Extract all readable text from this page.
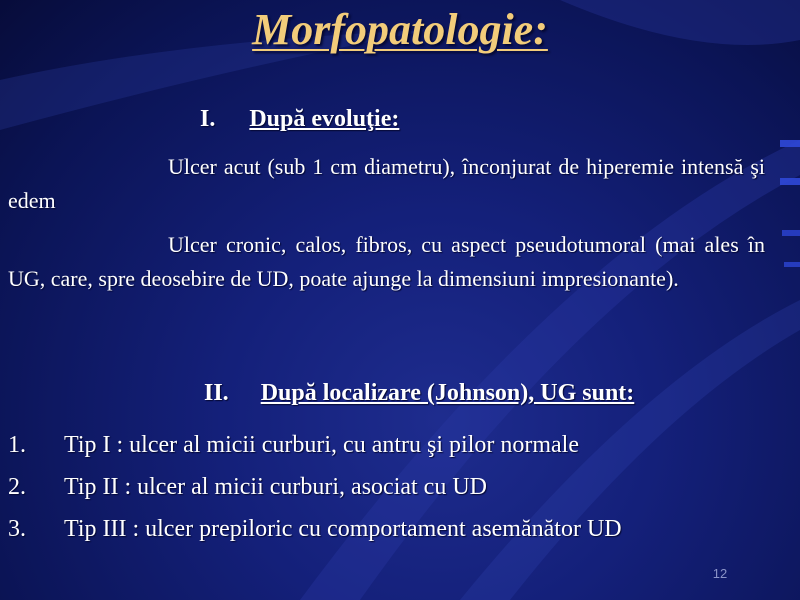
Morfopatologie:
I. După evoluţie:
Ulcer acut (sub 1 cm diametru), înconjurat de hiperemie intensă şi edem
Ulcer cronic, calos, fibros, cu aspect pseudotumoral (mai ales în UG, care, spre deosebire de UD, poate ajunge la dimensiuni impresionante).
II. După localizare (Johnson), UG sunt:
1. Tip I : ulcer al micii curburi, cu antru şi pilor normale
2. Tip II : ulcer al micii curburi, asociat cu UD
3. Tip III : ulcer prepiloric cu comportament asemănător UD
12
